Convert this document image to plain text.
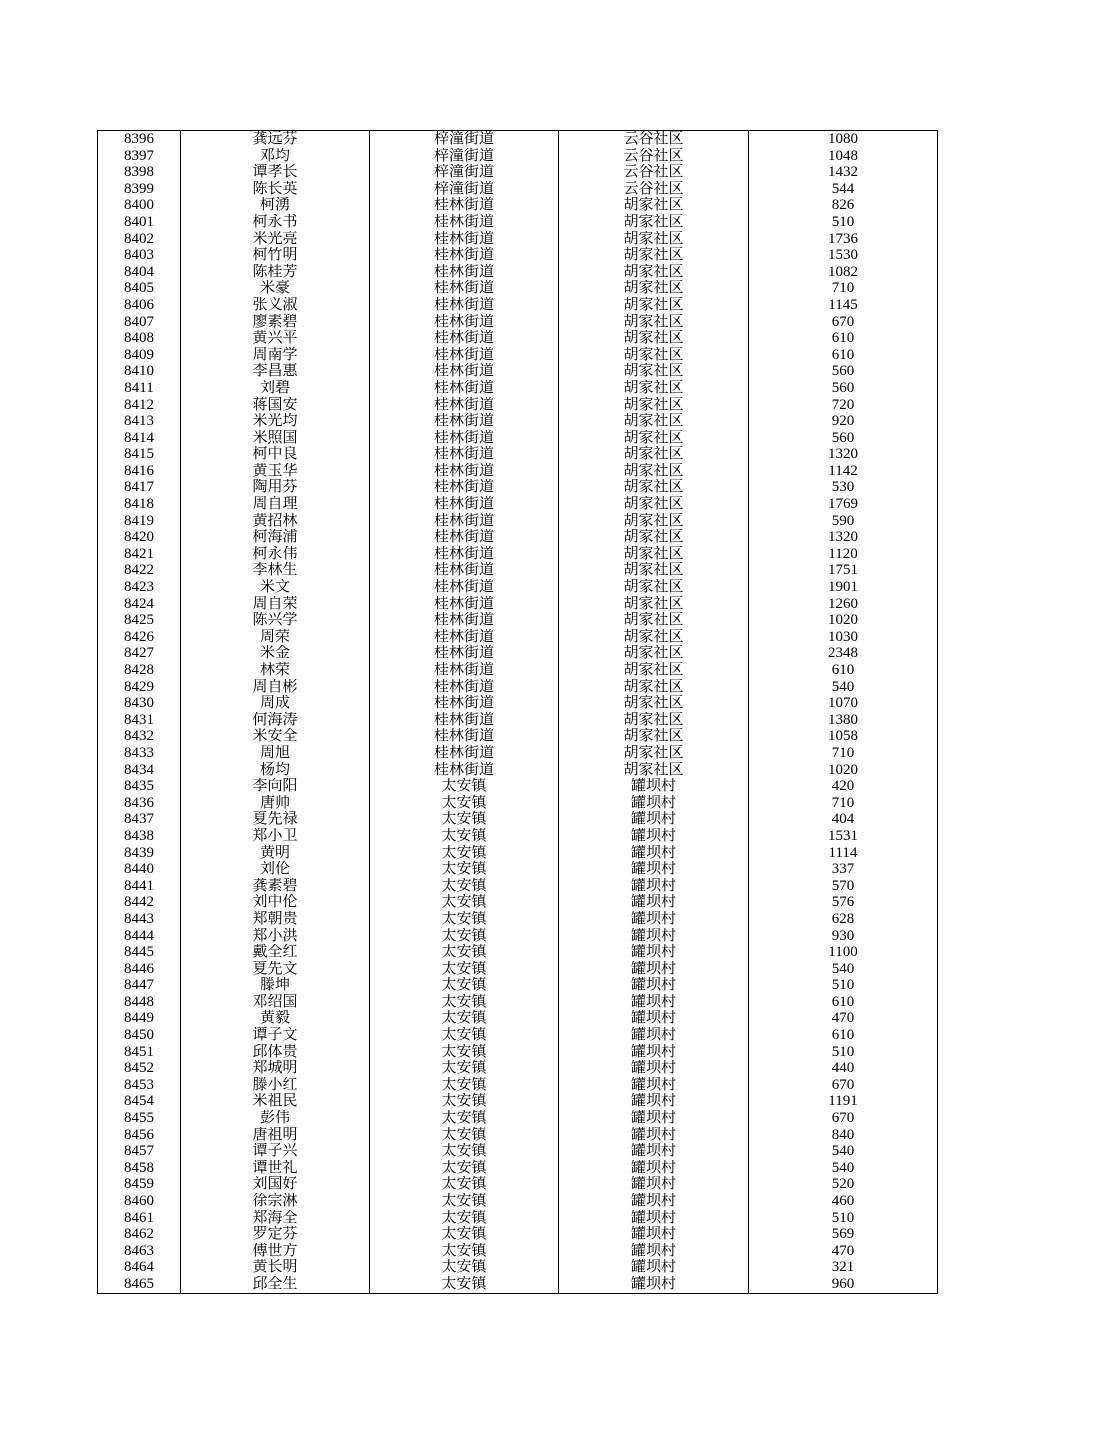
8396	龚远芬	梓潼街道	云谷社区	1080
8397	邓均	梓潼街道	云谷社区	1048
8398	谭孝长	梓潼街道	云谷社区	1432
8399	陈长英	梓潼街道	云谷社区	544
8400	柯湧	桂林街道	胡家社区	826
8401	柯永书	桂林街道	胡家社区	510
8402	米光亮	桂林街道	胡家社区	1736
8403	柯竹明	桂林街道	胡家社区	1530
8404	陈桂芳	桂林街道	胡家社区	1082
8405	米豪	桂林街道	胡家社区	710
8406	张义淑	桂林街道	胡家社区	1145
8407	廖素碧	桂林街道	胡家社区	670
8408	黄兴平	桂林街道	胡家社区	610
8409	周南学	桂林街道	胡家社区	610
8410	李昌惠	桂林街道	胡家社区	560
8411	刘碧	桂林街道	胡家社区	560
8412	蒋国安	桂林街道	胡家社区	720
8413	米光均	桂林街道	胡家社区	920
8414	米照国	桂林街道	胡家社区	560
8415	柯中良	桂林街道	胡家社区	1320
8416	黄玉华	桂林街道	胡家社区	1142
8417	陶用芬	桂林街道	胡家社区	530
8418	周自理	桂林街道	胡家社区	1769
8419	黄招林	桂林街道	胡家社区	590
8420	柯海浦	桂林街道	胡家社区	1320
8421	柯永伟	桂林街道	胡家社区	1120
8422	李林生	桂林街道	胡家社区	1751
8423	米文	桂林街道	胡家社区	1901
8424	周自荣	桂林街道	胡家社区	1260
8425	陈兴学	桂林街道	胡家社区	1020
8426	周荣	桂林街道	胡家社区	1030
8427	米金	桂林街道	胡家社区	2348
8428	林荣	桂林街道	胡家社区	610
8429	周自彬	桂林街道	胡家社区	540
8430	周成	桂林街道	胡家社区	1070
8431	何海涛	桂林街道	胡家社区	1380
8432	米安全	桂林街道	胡家社区	1058
8433	周旭	桂林街道	胡家社区	710
8434	杨均	桂林街道	胡家社区	1020
8435	李向阳	太安镇	罐坝村	420
8436	唐帅	太安镇	罐坝村	710
8437	夏先禄	太安镇	罐坝村	404
8438	郑小卫	太安镇	罐坝村	1531
8439	黄明	太安镇	罐坝村	1114
8440	刘伦	太安镇	罐坝村	337
8441	龚素碧	太安镇	罐坝村	570
8442	刘中伦	太安镇	罐坝村	576
8443	郑朝贵	太安镇	罐坝村	628
8444	郑小洪	太安镇	罐坝村	930
8445	戴全红	太安镇	罐坝村	1100
8446	夏先文	太安镇	罐坝村	540
8447	滕坤	太安镇	罐坝村	510
8448	邓绍国	太安镇	罐坝村	610
8449	黄毅	太安镇	罐坝村	470
8450	谭子文	太安镇	罐坝村	610
8451	邱体贵	太安镇	罐坝村	510
8452	郑城明	太安镇	罐坝村	440
8453	滕小红	太安镇	罐坝村	670
8454	米祖民	太安镇	罐坝村	1191
8455	彭伟	太安镇	罐坝村	670
8456	唐祖明	太安镇	罐坝村	840
8457	谭子兴	太安镇	罐坝村	540
8458	谭世礼	太安镇	罐坝村	540
8459	刘国好	太安镇	罐坝村	520
8460	徐宗淋	太安镇	罐坝村	460
8461	郑海全	太安镇	罐坝村	510
8462	罗定芬	太安镇	罐坝村	569
8463	傅世方	太安镇	罐坝村	470
8464	黄长明	太安镇	罐坝村	321
8465	邱全生	太安镇	罐坝村	960
